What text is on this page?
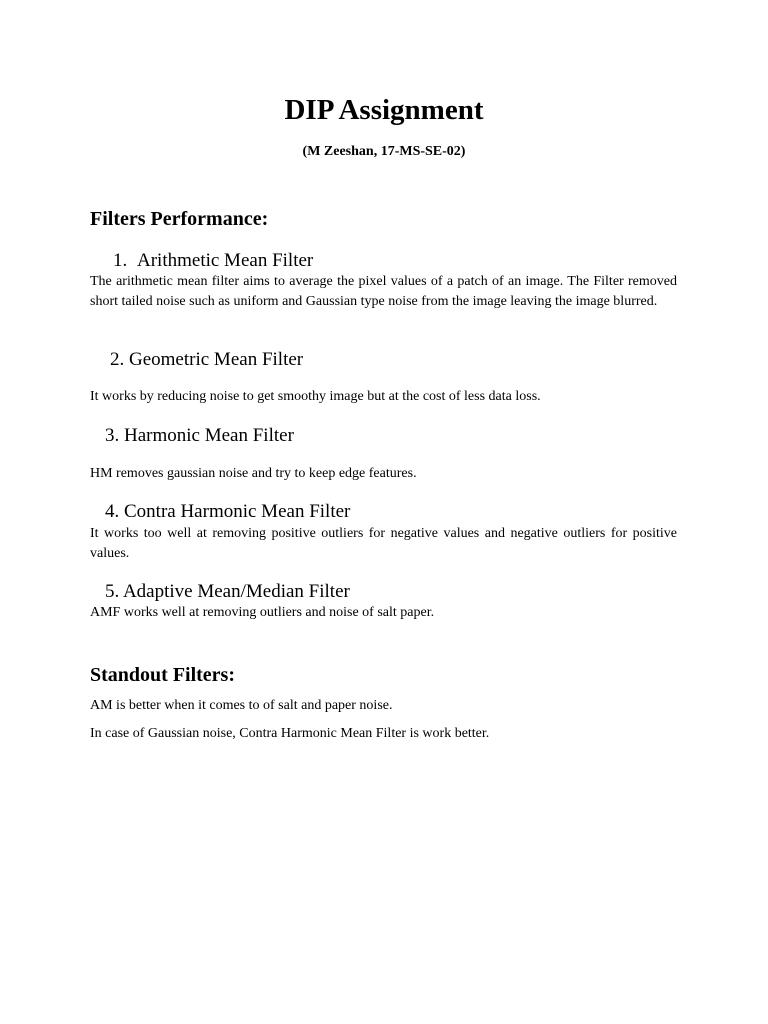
DIP Assignment
(M Zeeshan, 17-MS-SE-02)
Filters Performance:
1. Arithmetic Mean Filter
The arithmetic mean filter aims to average the pixel values of a patch of an image. The Filter removed short tailed noise such as uniform and Gaussian type noise from the image leaving the image blurred.
2. Geometric Mean Filter
It works by reducing noise to get smoothy image but at the cost of less data loss.
3. Harmonic Mean Filter
HM removes gaussian noise and try to keep edge features.
4. Contra Harmonic Mean Filter
It works too well at removing positive outliers for negative values and negative outliers for positive values.
5. Adaptive Mean/Median Filter
AMF works well at removing outliers and noise of salt paper.
Standout Filters:
AM is better when it comes to of salt and paper noise.
In case of Gaussian noise, Contra Harmonic Mean Filter is work better.
